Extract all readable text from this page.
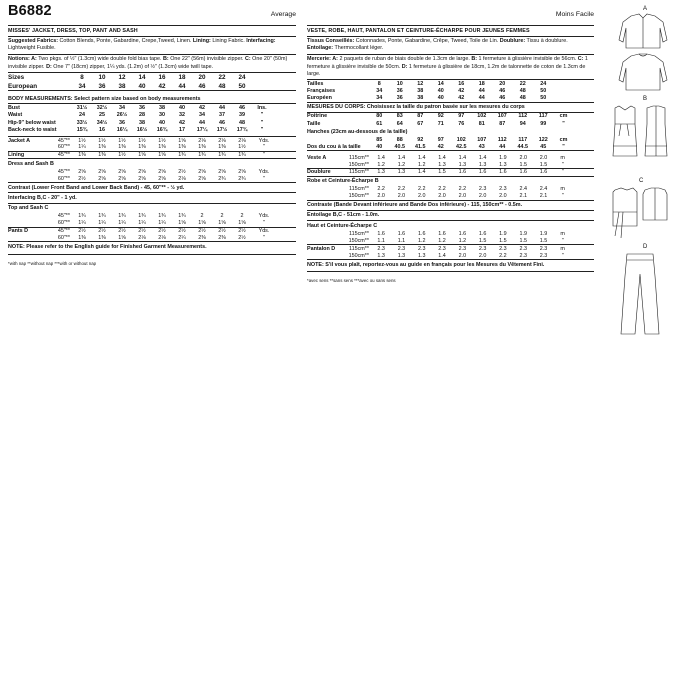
B6882	Average
MISSES' JACKET, DRESS, TOP, PANT AND SASH
Suggested Fabrics: Cotton Blends, Ponte, Gabardine, Crepe,Tweed, Linen. Lining: Lining Fabric. Interfacing: Lightweight Fusible.
Notions: A: Two pkgs. of ½" (1.3cm) wide double fold bias tape. B: One 22" (56m) invisible zipper. C: One 20" (50m) invisible zipper. D: One 7" (18cm) zipper, 1¼ yds. (1.2m) of ½" (1.3cm) wide twill tape.
Sizes	8	10	12	14	16	18	20	22	24
European	34	36	38	40	42	44	46	48	50
BODY MEASUREMENTS: Select pattern size based on body measurements
Bust	31½	32½	34	36	38	40	42	44	46	Ins.
Waist	24	25	26½	28	30	32	34	37	39	"
Hip-9" below waist	33½	34½	36	38	40	42	44	46	48	"
Back-neck to waist	15¾	16	16¼	16½	16¾	17	17¼	17½	17¾	"
Jacket A	45"**	1½	1½	1½	1½	1½	1⅝	2⅛	2⅛	2⅛	Yds.
60"**	1¼	1⅜	1⅜	1⅜	1⅜	1⅜	1⅜	1⅜	1½	"
Lining	45"**	1⅜	1⅜	1½	1⅝	1⅝	1¾	1¾	1¾	1¾	"
Dress and Sash B
45"**	2⅝	2⅝	2⅝	2⅝	2⅝	2½	2⅝	2⅝	2⅝	Yds.
60"**	2½	2⅝	2⅝	2⅝	2⅝	2⅛	2⅝	2¾	2¾	"
Contrast (Lower Front Band and Lower Back Band) - 45, 60"** - ½ yd.
Interfacing B,C - 20" - 1 yd.
Top and Sash C
45"**	1¾	1¾	1¾	1¾	1¾	1¾	2	2	2	Yds.
60"**	1¼	1¼	1¼	1¼	1¼	1⅝	1⅝	1⅝	1⅝	"
Pants D	45"**	2½	2½	2½	2½	2½	2½	2½	2½	2½	Yds.
60"**	1⅜	1⅜	1⅝	2⅛	2⅛	2¼	2⅜	2⅜	2½	"
NOTE: Please refer to the English guide for Finished Garment Measurements.
*with nap **without nap ***with or without nap
Moins Facile
VESTE, ROBE, HAUT, PANTALON ET CEINTURE-ÉCHARPE POUR JEUNES FEMMES
Tissus Conseillés: Cotonnades, Ponte, Gabardine, Crêpe, Tweed, Toile de Lin. Doublure: Tissu à doublure. Entoilage: Thermocollant léger.
Mercerie: A: 2 paquets de ruban de biais double de 1.3cm de large. B: 1 fermeture à glissière invisible de 56cm. C: 1 fermeture à glissière invisible de 50cm. D: 1 fermeture à glissière de 18cm, 1.2m de talonnette de coton de 1.3cm de large.
Tailles	8	10	12	14	16	18	20	22	24
Françaises	34	36	38	40	42	44	46	48	50
Européen	34	36	38	40	42	44	46	48	50
MESURES DU CORPS: Choisissez la taille du patron basée sur les mesures du corps
Poitrine	80	83	87	92	97	102	107	112	117	cm
Taille	61	64	67	71	76	81	87	94	99	"
Hanches (23cm au-dessous de la taille)
85	88	92	97	102	107	112	117	122	cm
Dos du cou à la taille	40	40.5	41.5	42	42.5	43	44	44.5	45	"
Veste A	115cm**	1.4	1.4	1.4	1.4	1.4	1.4	1.9	2.0	2.0	m
150cm**	1.2	1.2	1.2	1.3	1.3	1.3	1.3	1.5	1.5	"
Doublure	115cm**	1.3	1.3	1.4	1.5	1.6	1.6	1.6	1.6	1.6	"
Robe et Ceinture-Écharpe B
115cm**	2.2	2.2	2.2	2.2	2.2	2.3	2.3	2.4	2.4	m
150cm**	2.0	2.0	2.0	2.0	2.0	2.0	2.0	2.1	2.1	"
Contraste (Bande Devant inférieure and Bande Dos inférieure) - 115, 150cm** - 0.5m.
Entoilage B,C - 51cm - 1.0m.
Haut et Ceinture-Écharpe C
115cm**	1.6	1.6	1.6	1.6	1.6	1.6	1.9	1.9	1.9	m
150cm**	1.1	1.1	1.2	1.2	1.2	1.5	1.5	1.5	1.5	"
Pantalon D	115cm**	2.3	2.3	2.3	2.3	2.3	2.3	2.3	2.3	2.3	m
150cm**	1.3	1.3	1.3	1.4	2.0	2.0	2.2	2.3	2.3	"
NOTE: S'il vous plaît, reportez-vous au guide en français pour les Mesures du Vêtement Fini.
*avec sens **sans sens ***avec ou sans sens
A
B
C
D
